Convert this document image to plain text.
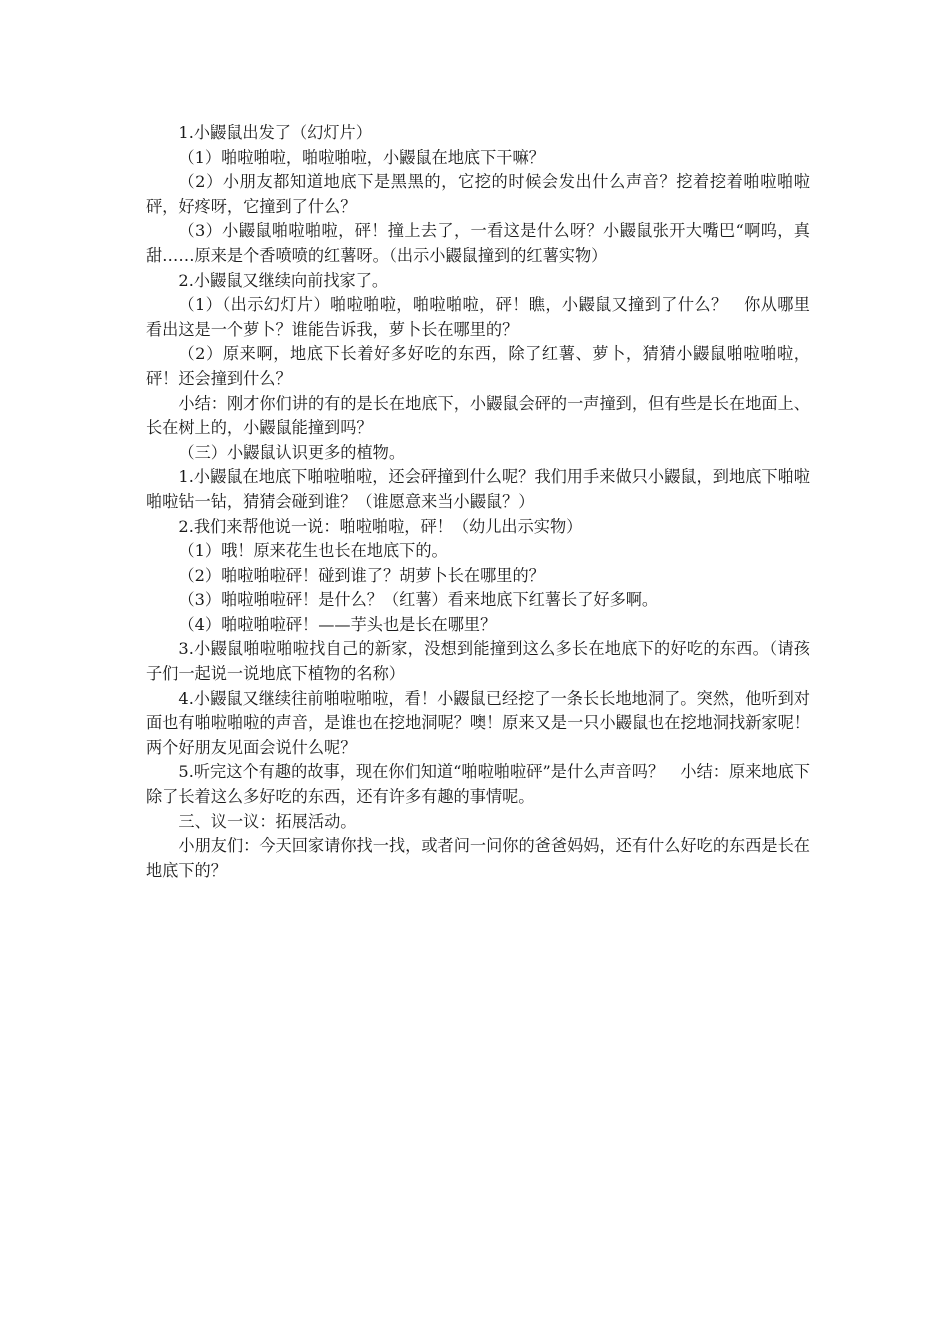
1.小鼹鼠出发了（幻灯片）

（1）啪啦啪啦，啪啦啪啦，小鼹鼠在地底下干嘛？

（2）小朋友都知道地底下是黑黑的，它挖的时候会发出什么声音？挖着挖着啪啦啪啦砰，好疼呀，它撞到了什么？

（3）小鼹鼠啪啦啪啦，砰！撞上去了，一看这是什么呀？小鼹鼠张开大嘴巴“啊呜，真甜……原来是个香喷喷的红薯呀。（出示小鼹鼠撞到的红薯实物）

2.小鼹鼠又继续向前找家了。

（1）（出示幻灯片）啪啦啪啦，啪啦啪啦，砰！瞧，小鼹鼠又撞到了什么？　你从哪里看出这是一个萝卜？谁能告诉我，萝卜长在哪里的？

（2）原来啊，地底下长着好多好吃的东西，除了红薯、萝卜，猜猜小鼹鼠啪啦啪啦，砰！还会撞到什么？

小结：刚才你们讲的有的是长在地底下，小鼹鼠会砰的一声撞到，但有些是长在地面上、长在树上的，小鼹鼠能撞到吗？

（三）小鼹鼠认识更多的植物。

1.小鼹鼠在地底下啪啦啪啦，还会砰撞到什么呢？我们用手来做只小鼹鼠，到地底下啪啦啪啦钻一钻，猜猜会碰到谁？（谁愿意来当小鼹鼠？）

2.我们来帮他说一说：啪啦啪啦，砰！（幼儿出示实物）

（1）哦！原来花生也长在地底下的。

（2）啪啦啪啦砰！碰到谁了？胡萝卜长在哪里的？

（3）啪啦啪啦砰！是什么？（红薯）看来地底下红薯长了好多啊。

（4）啪啦啪啦砰！——芋头也是长在哪里？

3.小鼹鼠啪啦啪啦找自己的新家，没想到能撞到这么多长在地底下的好吃的东西。（请孩子们一起说一说地底下植物的名称）

4.小鼹鼠又继续往前啪啦啪啦，看！小鼹鼠已经挖了一条长长地地洞了。突然，他听到对面也有啪啦啪啦的声音，是谁也在挖地洞呢？噢！原来又是一只小鼹鼠也在挖地洞找新家呢！两个好朋友见面会说什么呢？

5.听完这个有趣的故事，现在你们知道“啪啦啪啦砰”是什么声音吗？　小结：原来地底下除了长着这么多好吃的东西，还有许多有趣的事情呢。

三、议一议：拓展活动。

小朋友们：今天回家请你找一找，或者问一问你的爸爸妈妈，还有什么好吃的东西是长在地底下的？
